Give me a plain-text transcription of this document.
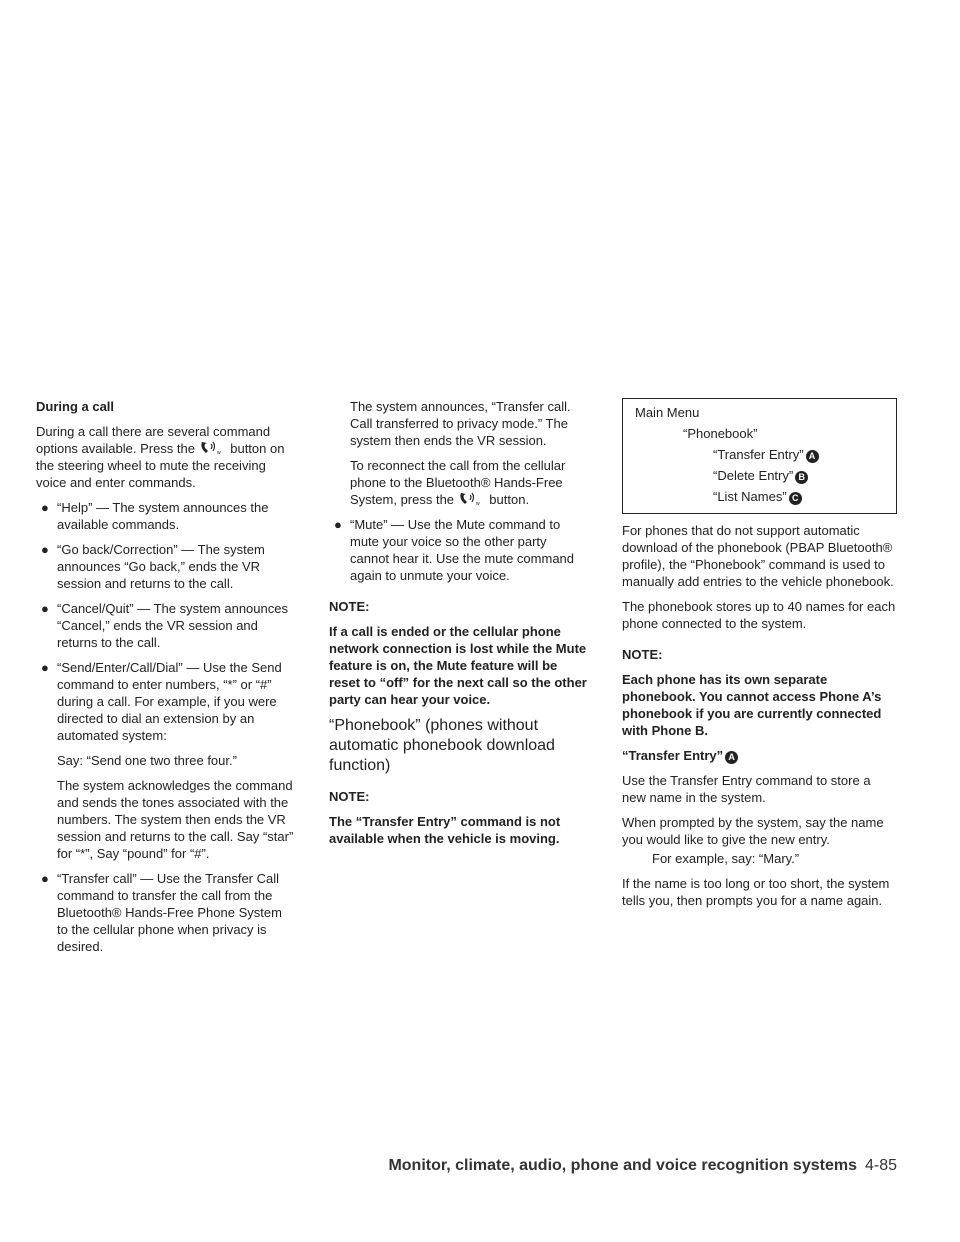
During a call

During a call there are several command options available. Press the	w button on the steering wheel to mute the receiving voice and enter commands.

● “Help” — The system announces the available commands.
● “Go back/Correction” — The system announces “Go back,” ends the VR session and returns to the call.
● “Cancel/Quit” — The system announces “Cancel,” ends the VR session and returns to the call.
● “Send/Enter/Call/Dial” — Use the Send command to enter numbers, “*” or “#” during a call. For example, if you were directed to dial an extension by an automated system:
Say: “Send one two three four.”
The system acknowledges the command and sends the tones associated with the numbers. The system then ends the VR session and returns to the call. Say “star” for “*”, Say “pound” for “#”.
● “Transfer call” — Use the Transfer Call command to transfer the call from the Bluetooth® Hands-Free Phone System to the cellular phone when privacy is desired.
The system announces, “Transfer call. Call transferred to privacy mode.” The system then ends the VR session.
To reconnect the call from the cellular phone to the Bluetooth® Hands-Free System, press the	w button.
● “Mute” — Use the Mute command to mute your voice so the other party cannot hear it. Use the mute command again to unmute your voice.
NOTE:
If a call is ended or the cellular phone network connection is lost while the Mute feature is on, the Mute feature will be reset to “off” for the next call so the other party can hear your voice.
“Phonebook” (phones without automatic phonebook download function)
NOTE:
The “Transfer Entry” command is not available when the vehicle is moving.
Main Menu
“Phonebook”
“Transfer Entry” A
“Delete Entry” B
“List Names” C

For phones that do not support automatic download of the phonebook (PBAP Bluetooth® profile), the “Phonebook” command is used to manually add entries to the vehicle phonebook.

The phonebook stores up to 40 names for each phone connected to the system.

NOTE:
Each phone has its own separate phonebook. You cannot access Phone A’s phonebook if you are currently connected with Phone B.
“Transfer Entry” A

Use the Transfer Entry command to store a new name in the system.

When prompted by the system, say the name you would like to give the new entry.

For example, say: “Mary.”

If the name is too long or too short, the system tells you, then prompts you for a name again.

Monitor, climate, audio, phone and voice recognition systems 4-85
